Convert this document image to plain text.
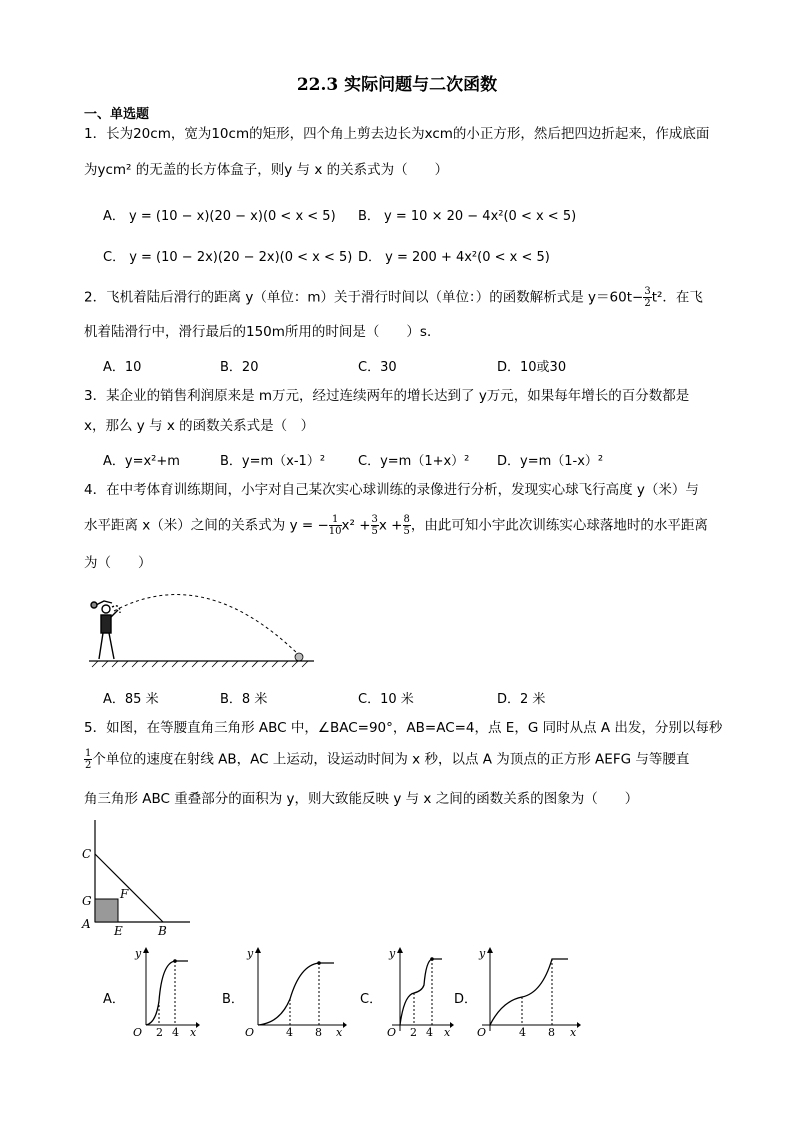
22.3 实际问题与二次函数
一、单选题
1．长为20cm，宽为10cm的矩形，四个角上剪去边长为xcm的小正方形，然后把四边折起来，作成底面
为ycm² 的无盖的长方体盒子，则y 与 x 的关系式为（　　）
A． y = (10 − x)(20 − x)(0 < x < 5) B． y = 10 × 20 − 4x²(0 < x < 5)
C． y = (10 − 2x)(20 − 2x)(0 < x < 5) D． y = 200 + 4x²(0 < x < 5)
2．飞机着陆后滑行的距离 y（单位：m）关于滑行时间以（单位：）的函数解析式是 $y=60t- \frac{3}{2} t^2$．在飞
机着陆滑行中，滑行最后的150m所用的时间是（　　）s．
A．10	B．20	C．30	D．10或30
3．某企业的销售利润原来是 m万元，经过连续两年的增长达到了 y万元，如果每年增长的百分数都是
x，那么 y 与 x 的函数关系式是（　）
A．y=x²+m	B．y=m（x-1）²	C．y=m（1+x）² D．y=m（1-x）²
4．在中考体育训练期间，小宇对自己某次实心球训练的录像进行分析，发现实心球飞行高度 y（米）与
水平距离 x（米）之间的关系式为 y = − $\frac{1}{10} x^2 + \frac{3}{5}$ $x + \frac{8}{5}$ ，由此可知小宇此次训练实心球落地时的水平距离
为（　　）
A．85 米	B．8 米	C．10 米	D．2 米
5．如图，在等腰直角三角形 ABC 中，∠BAC=90°，AB=AC=4，点 E，G 同时从点 A 出发，分别以每秒
$\frac{1}{2}$ 个单位的速度在射线 AB，AC 上运动，设运动时间为 x 秒，以点 A 为顶点的正方形 AEFG 与等腰直
角三角形 ABC 重叠部分的面积为 y，则大致能反映 y 与 x 之间的函数关系的图象为（　　）
C
G F
A E	B
A．
O
y
x
2 4
B．
O
y
x
4 8
C．
O
y
x
2 4
D．
O
y
x
4 8
